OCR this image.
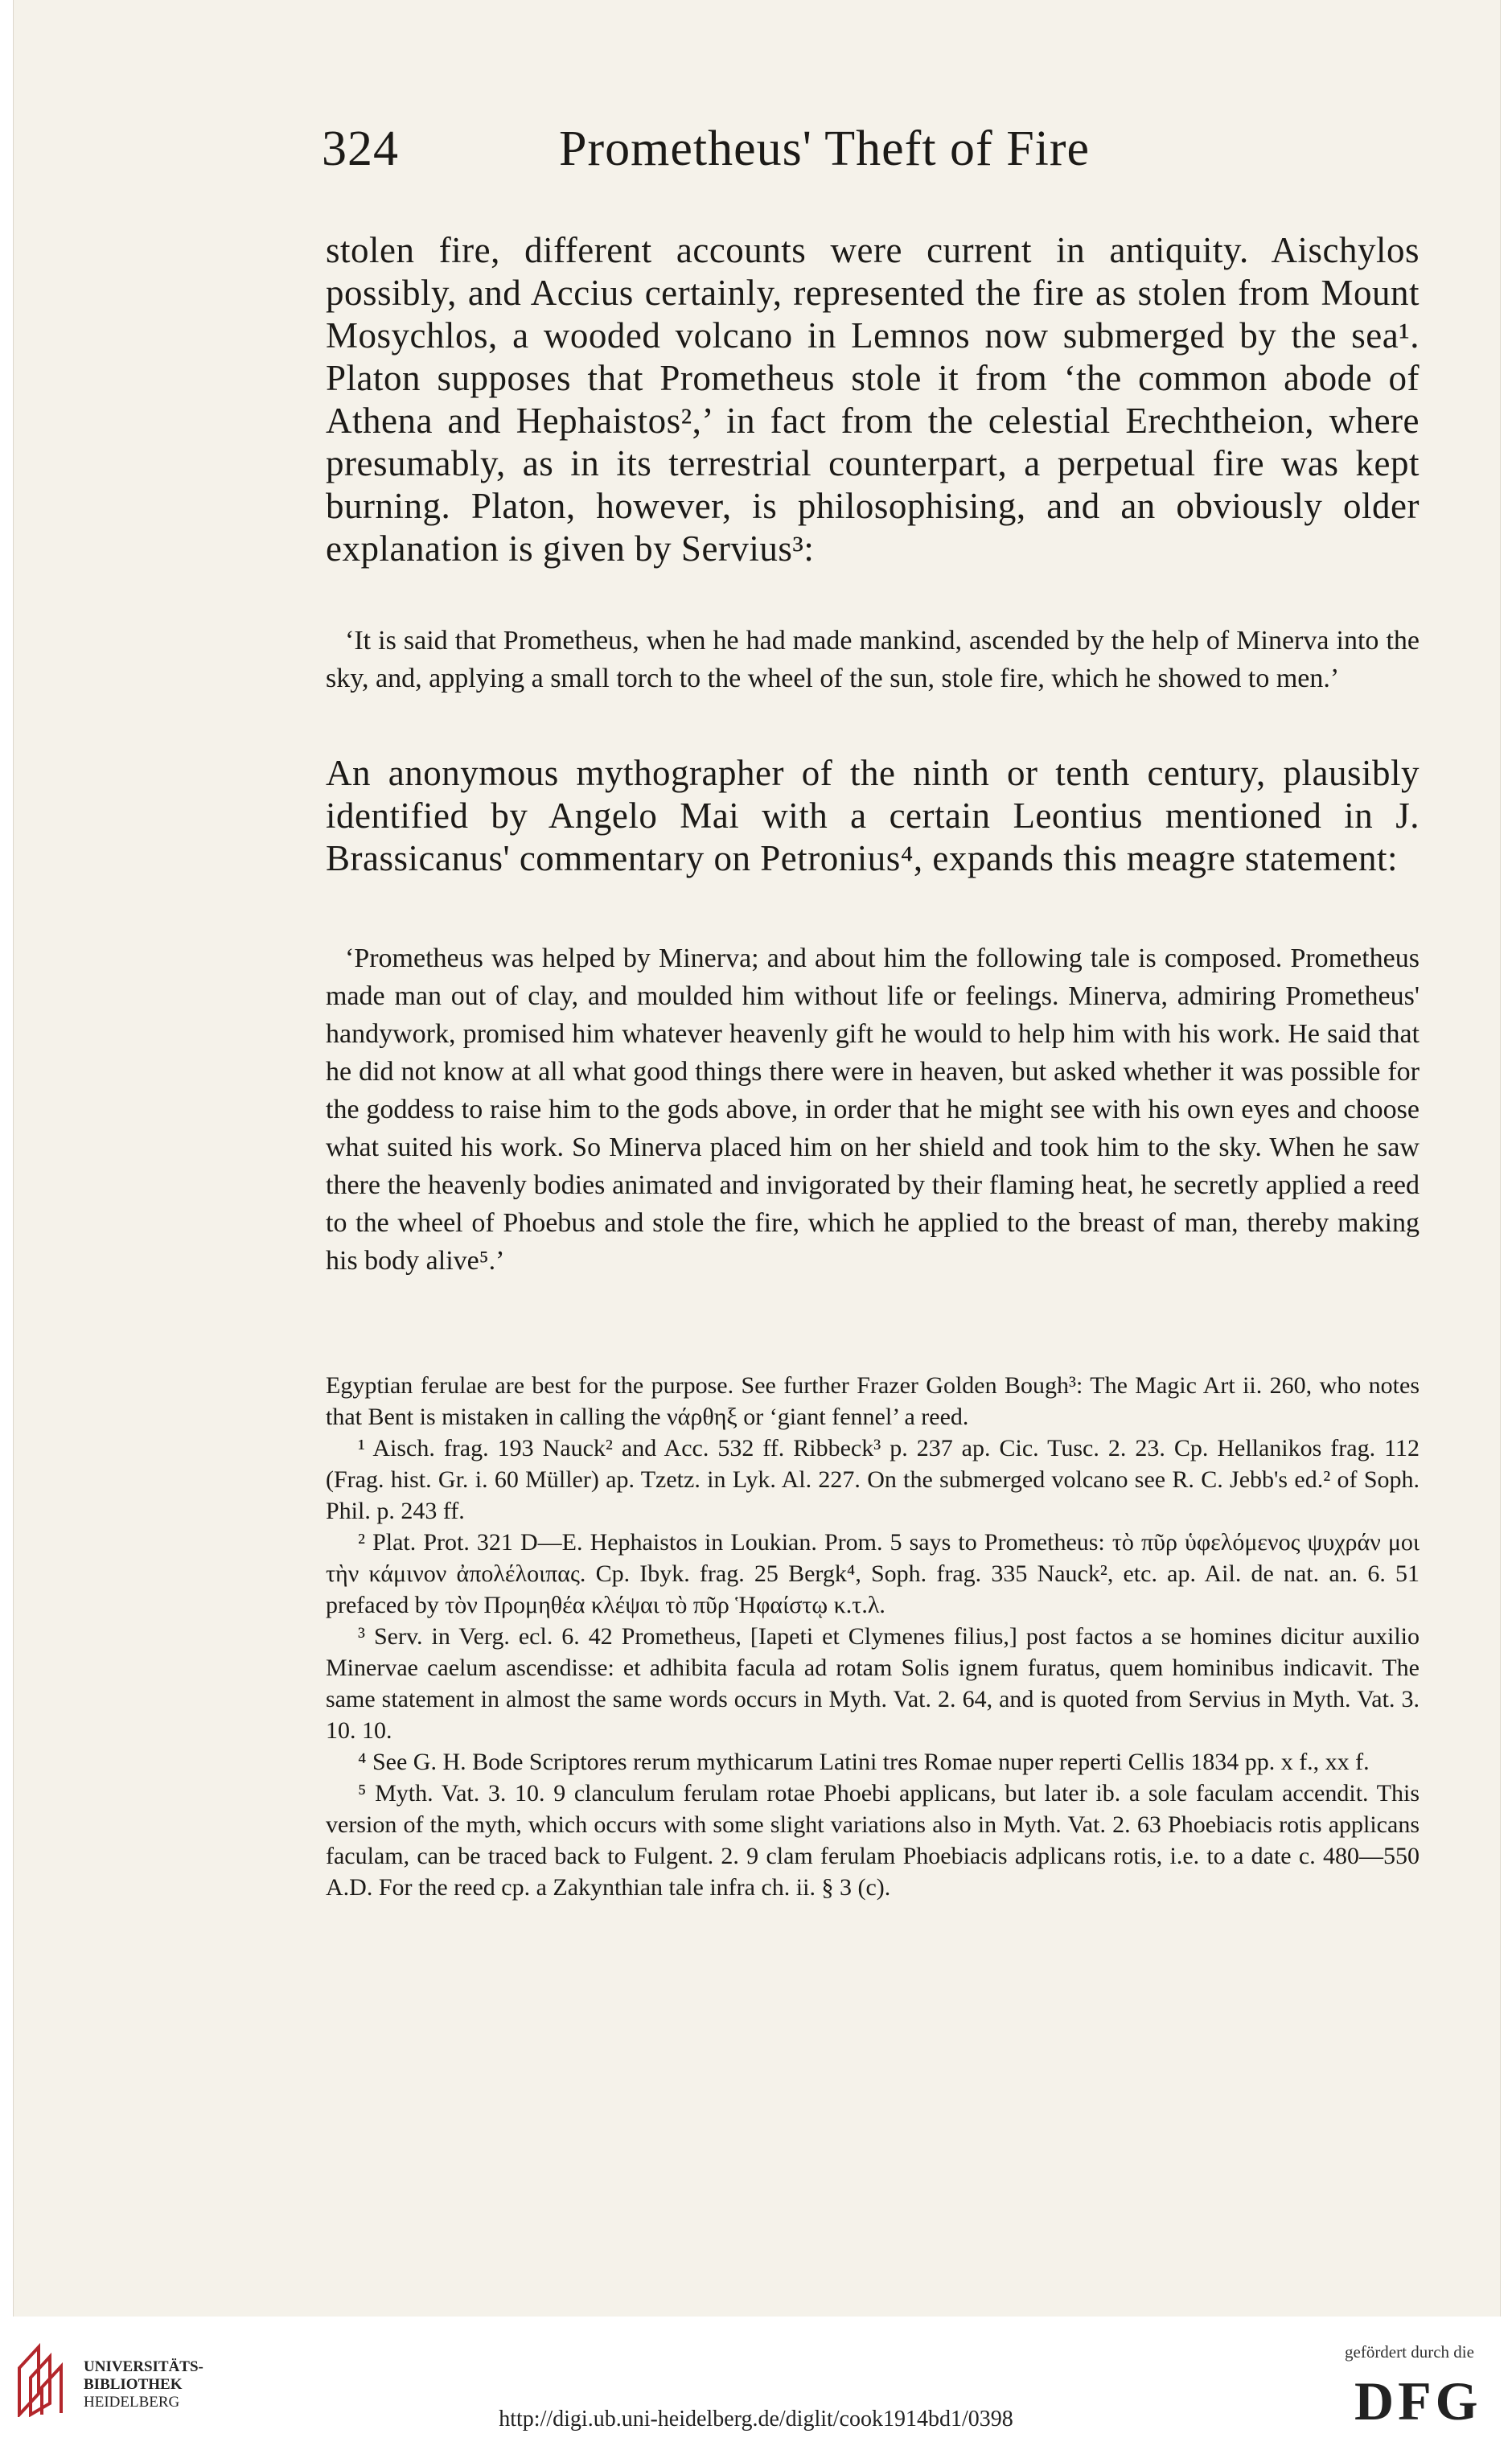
324	Prometheus' Theft of Fire

stolen fire, different accounts were current in antiquity. Aischylos possibly, and Accius certainly, represented the fire as stolen from Mount Mosychlos, a wooded volcano in Lemnos now submerged by the sea¹. Platon supposes that Prometheus stole it from ‘the common abode of Athena and Hephaistos²,’ in fact from the celestial Erechtheion, where presumably, as in its terrestrial counterpart, a perpetual fire was kept burning. Platon, however, is philosophising, and an obviously older explanation is given by Servius³:

‘It is said that Prometheus, when he had made mankind, ascended by the help of Minerva into the sky, and, applying a small torch to the wheel of the sun, stole fire, which he showed to men.’

An anonymous mythographer of the ninth or tenth century, plausibly identified by Angelo Mai with a certain Leontius mentioned in J. Brassicanus' commentary on Petronius⁴, expands this meagre statement:

‘Prometheus was helped by Minerva; and about him the following tale is composed. Prometheus made man out of clay, and moulded him without life or feelings. Minerva, admiring Prometheus' handywork, promised him whatever heavenly gift he would to help him with his work. He said that he did not know at all what good things there were in heaven, but asked whether it was possible for the goddess to raise him to the gods above, in order that he might see with his own eyes and choose what suited his work. So Minerva placed him on her shield and took him to the sky. When he saw there the heavenly bodies animated and invigorated by their flaming heat, he secretly applied a reed to the wheel of Phoebus and stole the fire, which he applied to the breast of man, thereby making his body alive⁵.’

Egyptian ferulae are best for the purpose. See further Frazer Golden Bough³: The Magic Art ii. 260, who notes that Bent is mistaken in calling the νάρθηξ or ‘giant fennel’ a reed.

¹ Aisch. frag. 193 Nauck² and Acc. 532 ff. Ribbeck³ p. 237 ap. Cic. Tusc. 2. 23. Cp. Hellanikos frag. 112 (Frag. hist. Gr. i. 60 Müller) ap. Tzetz. in Lyk. Al. 227. On the submerged volcano see R. C. Jebb's ed.² of Soph. Phil. p. 243 ff.

² Plat. Prot. 321 D—E. Hephaistos in Loukian. Prom. 5 says to Prometheus: τὸ πῦρ ὑφελόμενος ψυχράν μοι τὴν κάμινον ἀπολέλοιπας. Cp. Ibyk. frag. 25 Bergk⁴, Soph. frag. 335 Nauck², etc. ap. Ail. de nat. an. 6. 51 prefaced by τὸν Προμηθέα κλέψαι τὸ πῦρ Ἡφαίστῳ κ.τ.λ.

³ Serv. in Verg. ecl. 6. 42 Prometheus, [Iapeti et Clymenes filius,] post factos a se homines dicitur auxilio Minervae caelum ascendisse: et adhibita facula ad rotam Solis ignem furatus, quem hominibus indicavit. The same statement in almost the same words occurs in Myth. Vat. 2. 64, and is quoted from Servius in Myth. Vat. 3. 10. 10.

⁴ See G. H. Bode Scriptores rerum mythicarum Latini tres Romae nuper reperti Cellis 1834 pp. x f., xx f.

⁵ Myth. Vat. 3. 10. 9 clanculum ferulam rotae Phoebi applicans, but later ib. a sole faculam accendit. This version of the myth, which occurs with some slight variations also in Myth. Vat. 2. 63 Phoebiacis rotis applicans faculam, can be traced back to Fulgent. 2. 9 clam ferulam Phoebiacis adplicans rotis, i.e. to a date c. 480—550 A.D. For the reed cp. a Zakynthian tale infra ch. ii. § 3 (c).

UNIVERSITÄTS-
BIBLIOTHEK
HEIDELBERG
http://digi.ub.uni-heidelberg.de/diglit/cook1914bd1/0398
gefördert durch die
DFG
